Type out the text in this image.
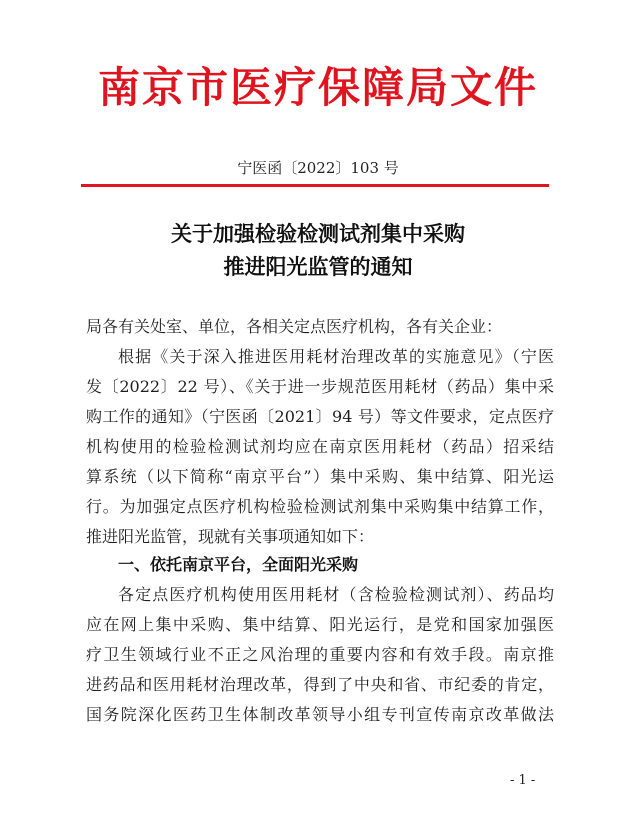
南京市医疗保障局文件
宁医函〔2022〕103 号
关于加强检验检测试剂集中采购
推进阳光监管的通知
局各有关处室、单位，各相关定点医疗机构，各有关企业：
根据《关于深入推进医用耗材治理改革的实施意见》（宁医
发〔2022〕22 号）、《关于进一步规范医用耗材（药品）集中采
购工作的通知》（宁医函〔2021〕94 号）等文件要求，定点医疗
机构使用的检验检测试剂均应在南京医用耗材（药品）招采结
算系统（以下简称“南京平台”）集中采购、集中结算、阳光运
行。为加强定点医疗机构检验检测试剂集中采购集中结算工作，
推进阳光监管，现就有关事项通知如下：
一、依托南京平台，全面阳光采购
各定点医疗机构使用医用耗材（含检验检测试剂）、药品均
应在网上集中采购、集中结算、阳光运行，是党和国家加强医
疗卫生领域行业不正之风治理的重要内容和有效手段。南京推
进药品和医用耗材治理改革，得到了中央和省、市纪委的肯定，
国务院深化医药卫生体制改革领导小组专刊宣传南京改革做法
- 1 -
